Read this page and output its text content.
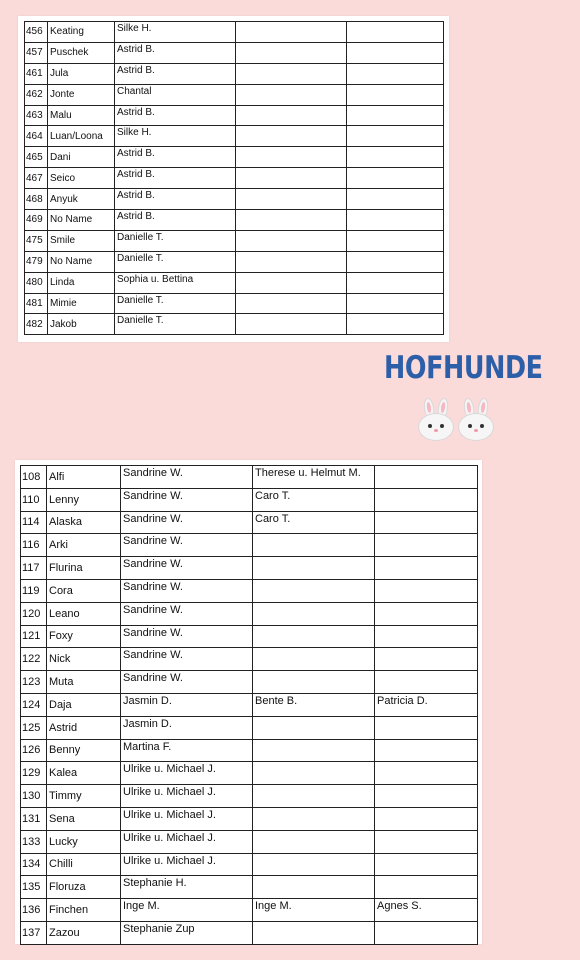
456	Keating	Silke H.		
457	Puschek	Astrid B.		
461	Jula	Astrid B.		
462	Jonte	Chantal		
463	Malu	Astrid B.		
464	Luan/Loona	Silke H.		
465	Dani	Astrid B.		
467	Seico	Astrid B.		
468	Anyuk	Astrid B.		
469	No Name	Astrid B.		
475	Smile	Danielle T.		
479	No Name	Danielle T.		
480	Linda	Sophia u. Bettina		
481	Mimie	Danielle T.		
482	Jakob	Danielle T.		
HOFHUNDE
108	Alfi	Sandrine W.	Therese u. Helmut M.	
110	Lenny	Sandrine W.	Caro T.	
114	Alaska	Sandrine W.	Caro T.	
116	Arki	Sandrine W.		
117	Flurina	Sandrine W.		
119	Cora	Sandrine W.		
120	Leano	Sandrine W.		
121	Foxy	Sandrine W.		
122	Nick	Sandrine W.		
123	Muta	Sandrine W.		
124	Daja	Jasmin D.	Bente B.	Patricia D.
125	Astrid	Jasmin D.		
126	Benny	Martina F.		
129	Kalea	Ulrike u. Michael J.		
130	Timmy	Ulrike u. Michael J.		
131	Sena	Ulrike u. Michael J.		
133	Lucky	Ulrike u. Michael J.		
134	Chilli	Ulrike u. Michael J.		
135	Floruza	Stephanie H.		
136	Finchen	Inge M.	Inge M.	Agnes S.
137	Zazou	Stephanie Zup		
